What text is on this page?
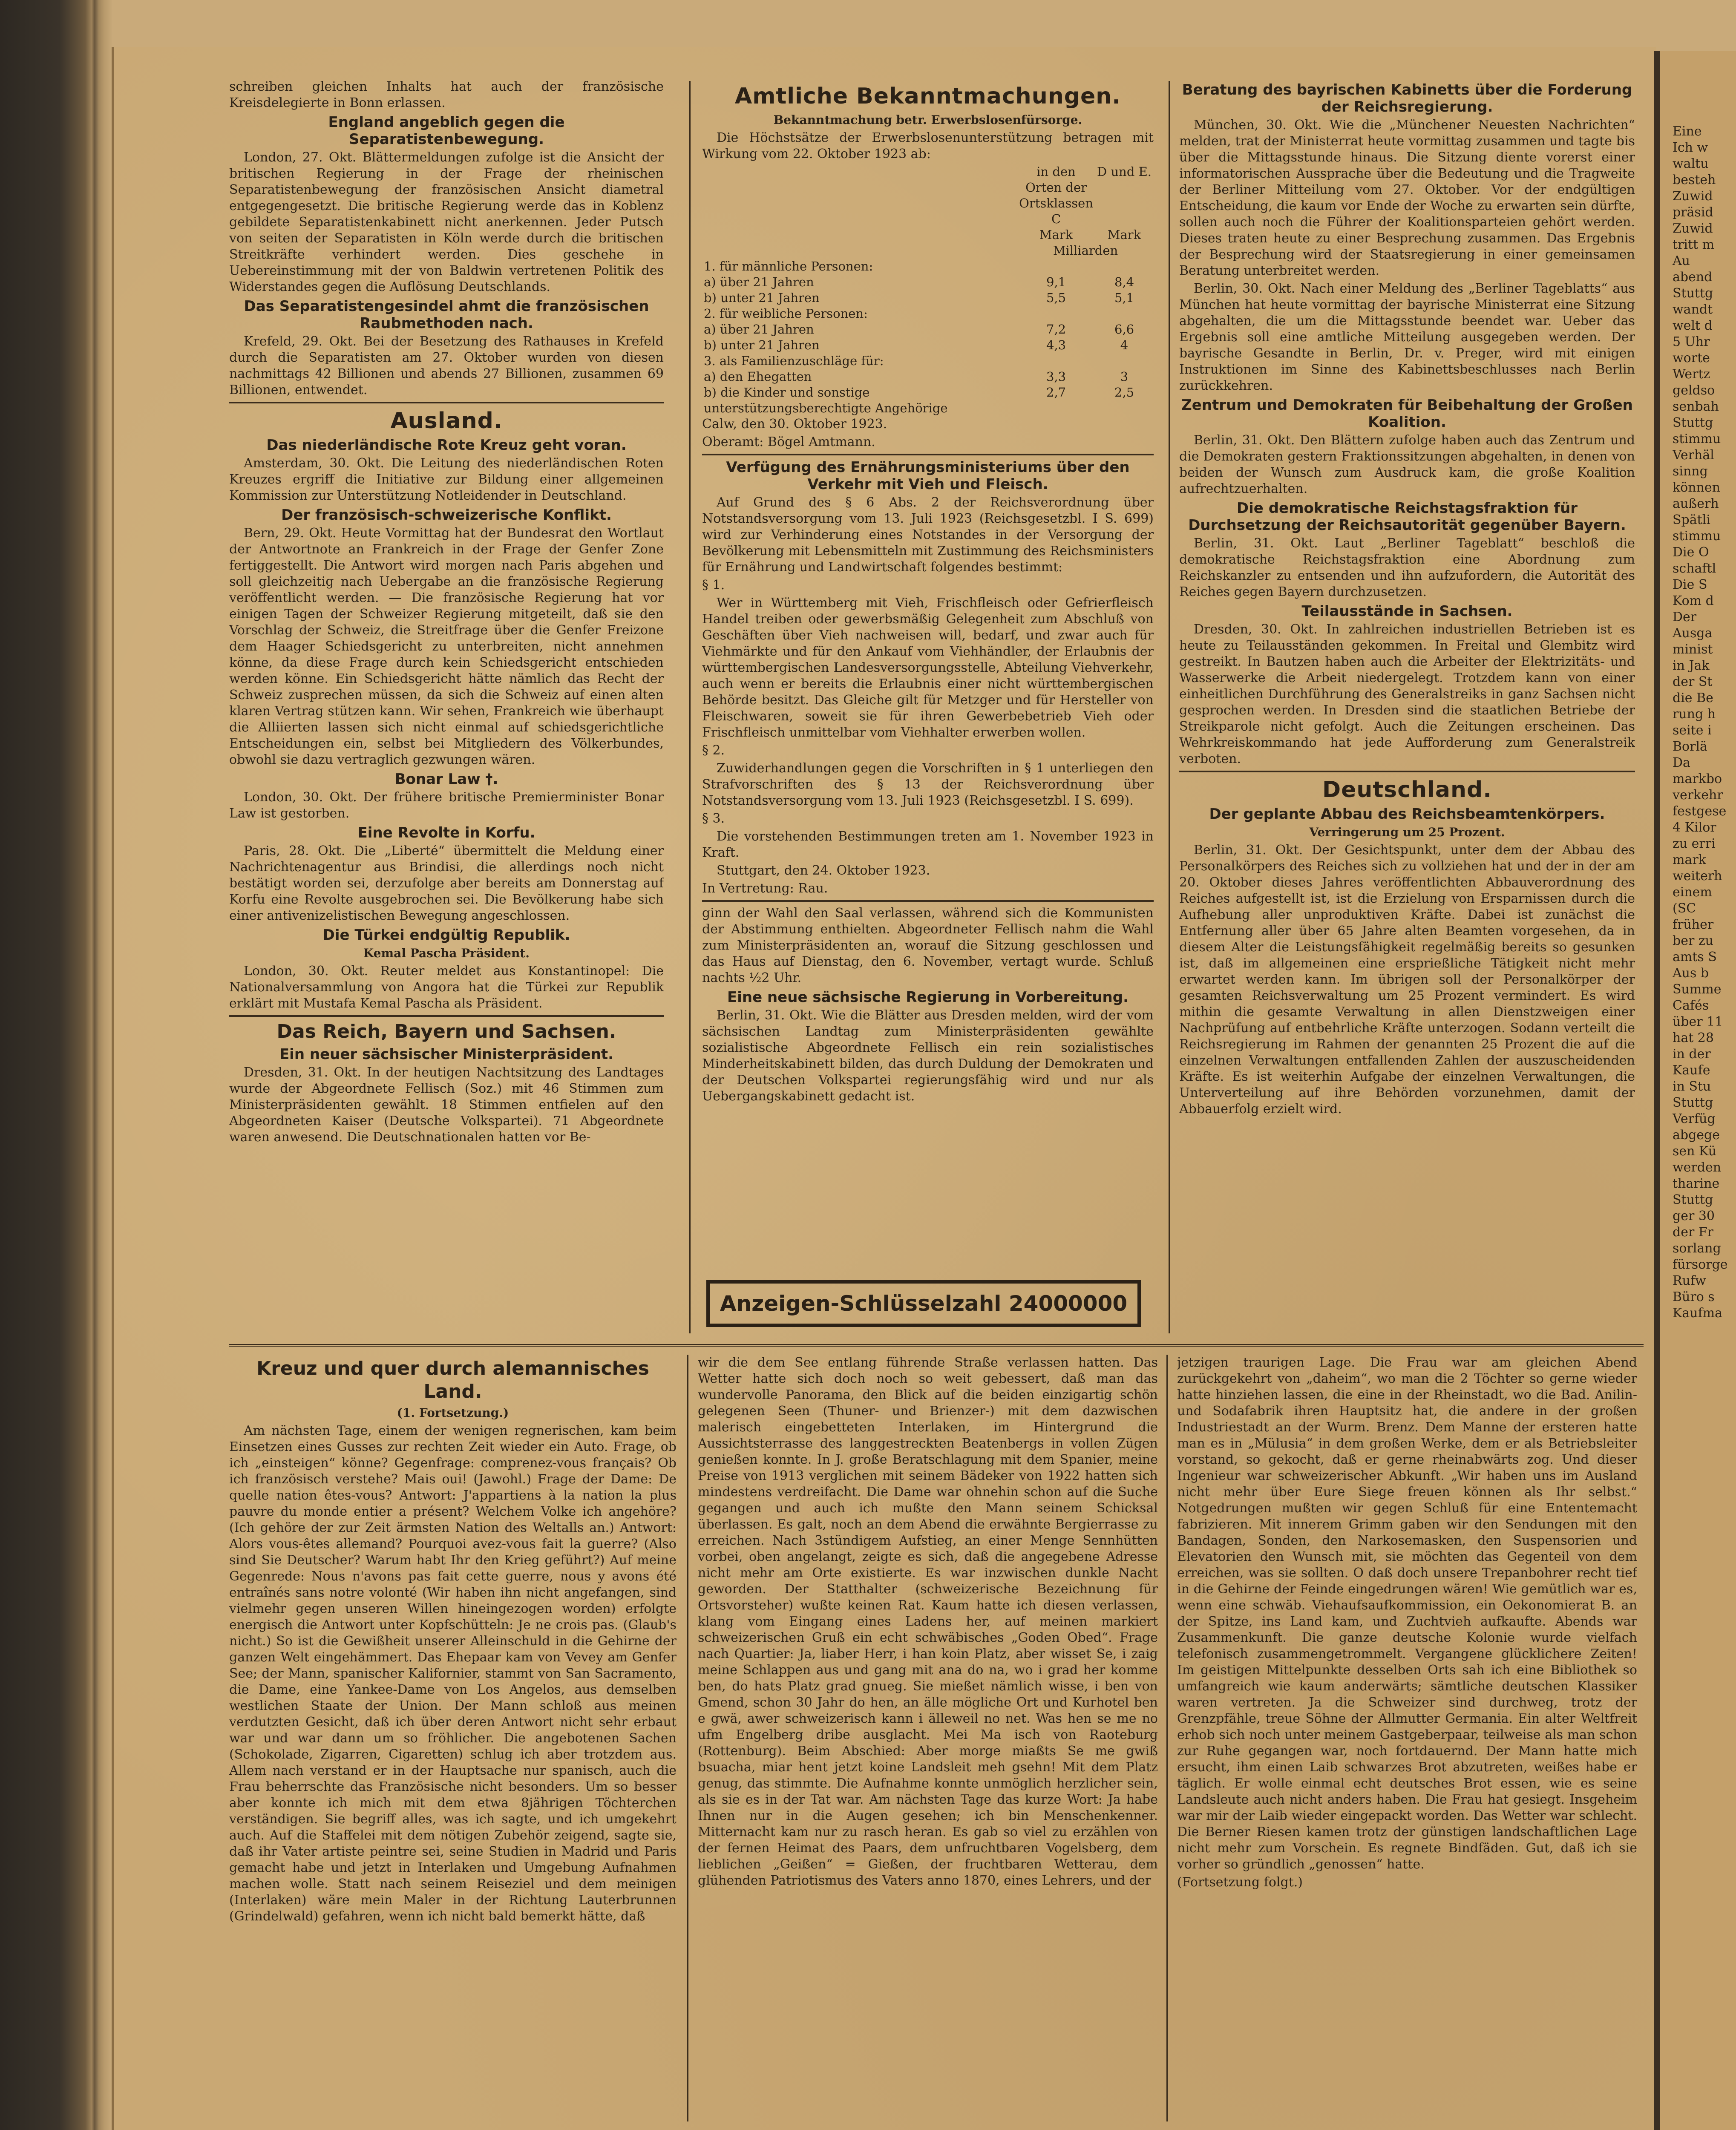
schreiben gleichen Inhalts hat auch der französische Kreisdelegierte in Bonn erlassen.

England angeblich gegen die Separatistenbewegung.

London, 27. Okt. Blättermeldungen zufolge ist die Ansicht der britischen Regierung in der Frage der rheinischen Separatistenbewegung der französischen Ansicht diametral entgegengesetzt. Die britische Regierung werde das in Koblenz gebildete Separatistenkabinett nicht anerkennen. Jeder Putsch von seiten der Separatisten in Köln werde durch die britischen Streitkräfte verhindert werden. Dies geschehe in Uebereinstimmung mit der von Baldwin vertretenen Politik des Widerstandes gegen die Auflösung Deutschlands.

Das Separatistengesindel ahmt die französischen Raubmethoden nach.

Krefeld, 29. Okt. Bei der Besetzung des Rathauses in Krefeld durch die Separatisten am 27. Oktober wurden von diesen nachmittags 42 Billionen und abends 27 Billionen, zusammen 69 Billionen, entwendet.

Ausland.
Das niederländische Rote Kreuz geht voran.

Amsterdam, 30. Okt. Die Leitung des niederländischen Roten Kreuzes ergriff die Initiative zur Bildung einer allgemeinen Kommission zur Unterstützung Notleidender in Deutschland.

Der französisch-schweizerische Konflikt.

Bern, 29. Okt. Heute Vormittag hat der Bundesrat den Wortlaut der Antwortnote an Frankreich in der Frage der Genfer Zone fertiggestellt. Die Antwort wird morgen nach Paris abgehen und soll gleichzeitig nach Uebergabe an die französische Regierung veröffentlicht werden. — Die französische Regierung hat vor einigen Tagen der Schweizer Regierung mitgeteilt, daß sie den Vorschlag der Schweiz, die Streitfrage über die Genfer Freizone dem Haager Schiedsgericht zu unterbreiten, nicht annehmen könne, da diese Frage durch kein Schiedsgericht entschieden werden könne. Ein Schiedsgericht hätte nämlich das Recht der Schweiz zusprechen müssen, da sich die Schweiz auf einen alten klaren Vertrag stützen kann. Wir sehen, Frankreich wie überhaupt die Alliierten lassen sich nicht einmal auf schiedsgerichtliche Entscheidungen ein, selbst bei Mitgliedern des Völkerbundes, obwohl sie dazu vertraglich gezwungen wären.

Bonar Law †.

London, 30. Okt. Der frühere britische Premierminister Bonar Law ist gestorben.

Eine Revolte in Korfu.

Paris, 28. Okt. Die „Liberté“ übermittelt die Meldung einer Nachrichtenagentur aus Brindisi, die allerdings noch nicht bestätigt worden sei, derzufolge aber bereits am Donnerstag auf Korfu eine Revolte ausgebrochen sei. Die Bevölkerung habe sich einer antivenizelistischen Bewegung angeschlossen.

Die Türkei endgültig Republik.
Kemal Pascha Präsident.

London, 30. Okt. Reuter meldet aus Konstantinopel: Die Nationalversammlung von Angora hat die Türkei zur Republik erklärt mit Mustafa Kemal Pascha als Präsident.

Das Reich, Bayern und Sachsen.
Ein neuer sächsischer Ministerpräsident.

Dresden, 31. Okt. In der heutigen Nachtsitzung des Landtages wurde der Abgeordnete Fellisch (Soz.) mit 46 Stimmen zum Ministerpräsidenten gewählt. 18 Stimmen entfielen auf den Abgeordneten Kaiser (Deutsche Volkspartei). 71 Abgeordnete waren anwesend. Die Deutschnationalen hatten vor Be-

Amtliche Bekanntmachungen.
Bekanntmachung betr. Erwerbslosenfürsorge.

Die Höchstsätze der Erwerbslosenunterstützung betragen mit Wirkung vom 22. Oktober 1923 ab:

	in den Orten der Ortsklassen C	D und E.
	Mark	Mark
	Milliarden	
1. für männliche Personen:		
a) über 21 Jahren	9,1	8,4
b) unter 21 Jahren	5,5	5,1
2. für weibliche Personen:		
a) über 21 Jahren	7,2	6,6
b) unter 21 Jahren	4,3	4
3. als Familienzuschläge für:		
a) den Ehegatten	3,3	3
b) die Kinder und sonstige unterstützungsberechtigte Angehörige	2,7	2,5

Calw, den 30. Oktober 1923.

Oberamt: Bögel Amtmann.

Verfügung des Ernährungsministeriums über den Verkehr mit Vieh und Fleisch.

Auf Grund des § 6 Abs. 2 der Reichsverordnung über Notstandsversorgung vom 13. Juli 1923 (Reichsgesetzbl. I S. 699) wird zur Verhinderung eines Notstandes in der Versorgung der Bevölkerung mit Lebensmitteln mit Zustimmung des Reichsministers für Ernährung und Landwirtschaft folgendes bestimmt:

§ 1.

Wer in Württemberg mit Vieh, Frischfleisch oder Gefrierfleisch Handel treiben oder gewerbsmäßig Gelegenheit zum Abschluß von Geschäften über Vieh nachweisen will, bedarf, und zwar auch für Viehmärkte und für den Ankauf vom Viehhändler, der Erlaubnis der württembergischen Landesversorgungsstelle, Abteilung Viehverkehr, auch wenn er bereits die Erlaubnis einer nicht württembergischen Behörde besitzt. Das Gleiche gilt für Metzger und für Hersteller von Fleischwaren, soweit sie für ihren Gewerbebetrieb Vieh oder Frischfleisch unmittelbar vom Viehhalter erwerben wollen.

§ 2.

Zuwiderhandlungen gegen die Vorschriften in § 1 unterliegen den Strafvorschriften des § 13 der Reichsverordnung über Notstandsversorgung vom 13. Juli 1923 (Reichsgesetzbl. I S. 699).

§ 3.

Die vorstehenden Bestimmungen treten am 1. November 1923 in Kraft.

Stuttgart, den 24. Oktober 1923.

In Vertretung: Rau.

ginn der Wahl den Saal verlassen, während sich die Kommunisten der Abstimmung enthielten. Abgeordneter Fellisch nahm die Wahl zum Ministerpräsidenten an, worauf die Sitzung geschlossen und das Haus auf Dienstag, den 6. November, vertagt wurde. Schluß nachts ½2 Uhr.

Eine neue sächsische Regierung in Vorbereitung.

Berlin, 31. Okt. Wie die Blätter aus Dresden melden, wird der vom sächsischen Landtag zum Ministerpräsidenten gewählte sozialistische Abgeordnete Fellisch ein rein sozialistisches Minderheitskabinett bilden, das durch Duldung der Demokraten und der Deutschen Volkspartei regierungsfähig wird und nur als Uebergangskabinett gedacht ist.

Beratung des bayrischen Kabinetts über die Forderung der Reichsregierung.

München, 30. Okt. Wie die „Münchener Neuesten Nachrichten“ melden, trat der Ministerrat heute vormittag zusammen und tagte bis über die Mittagsstunde hinaus. Die Sitzung diente vorerst einer informatorischen Aussprache über die Bedeutung und die Tragweite der Berliner Mitteilung vom 27. Oktober. Vor der endgültigen Entscheidung, die kaum vor Ende der Woche zu erwarten sein dürfte, sollen auch noch die Führer der Koalitionsparteien gehört werden. Dieses traten heute zu einer Besprechung zusammen. Das Ergebnis der Besprechung wird der Staatsregierung in einer gemeinsamen Beratung unterbreitet werden.

Berlin, 30. Okt. Nach einer Meldung des „Berliner Tageblatts“ aus München hat heute vormittag der bayrische Ministerrat eine Sitzung abgehalten, die um die Mittagsstunde beendet war. Ueber das Ergebnis soll eine amtliche Mitteilung ausgegeben werden. Der bayrische Gesandte in Berlin, Dr. v. Preger, wird mit einigen Instruktionen im Sinne des Kabinettsbeschlusses nach Berlin zurückkehren.

Zentrum und Demokraten für Beibehaltung der Großen Koalition.

Berlin, 31. Okt. Den Blättern zufolge haben auch das Zentrum und die Demokraten gestern Fraktionssitzungen abgehalten, in denen von beiden der Wunsch zum Ausdruck kam, die große Koalition aufrechtzuerhalten.

Die demokratische Reichstagsfraktion für Durchsetzung der Reichsautorität gegenüber Bayern.

Berlin, 31. Okt. Laut „Berliner Tageblatt“ beschloß die demokratische Reichstagsfraktion eine Abordnung zum Reichskanzler zu entsenden und ihn aufzufordern, die Autorität des Reiches gegen Bayern durchzusetzen.

Teilausstände in Sachsen.

Dresden, 30. Okt. In zahlreichen industriellen Betrieben ist es heute zu Teilausständen gekommen. In Freital und Glembitz wird gestreikt. In Bautzen haben auch die Arbeiter der Elektrizitäts- und Wasserwerke die Arbeit niedergelegt. Trotzdem kann von einer einheitlichen Durchführung des Generalstreiks in ganz Sachsen nicht gesprochen werden. In Dresden sind die staatlichen Betriebe der Streikparole nicht gefolgt. Auch die Zeitungen erscheinen. Das Wehrkreiskommando hat jede Aufforderung zum Generalstreik verboten.

Deutschland.
Der geplante Abbau des Reichsbeamtenkörpers.
Verringerung um 25 Prozent.

Berlin, 31. Okt. Der Gesichtspunkt, unter dem der Abbau des Personalkörpers des Reiches sich zu vollziehen hat und der in der am 20. Oktober dieses Jahres veröffentlichten Abbauverordnung des Reiches aufgestellt ist, ist die Erzielung von Ersparnissen durch die Aufhebung aller unproduktiven Kräfte. Dabei ist zunächst die Entfernung aller über 65 Jahre alten Beamten vorgesehen, da in diesem Alter die Leistungsfähigkeit regelmäßig bereits so gesunken ist, daß im allgemeinen eine ersprießliche Tätigkeit nicht mehr erwartet werden kann. Im übrigen soll der Personalkörper der gesamten Reichsverwaltung um 25 Prozent vermindert. Es wird mithin die gesamte Verwaltung in allen Dienstzweigen einer Nachprüfung auf entbehrliche Kräfte unterzogen. Sodann verteilt die Reichsregierung im Rahmen der genannten 25 Prozent die auf die einzelnen Verwaltungen entfallenden Zahlen der auszuscheidenden Kräfte. Es ist weiterhin Aufgabe der einzelnen Verwaltungen, die Unterverteilung auf ihre Behörden vorzunehmen, damit der Abbauerfolg erzielt wird.

Anzeigen-Schlüsselzahl 24000000
Kreuz und quer durch alemannisches Land.
(1. Fortsetzung.)

Am nächsten Tage, einem der wenigen regnerischen, kam beim Einsetzen eines Gusses zur rechten Zeit wieder ein Auto. Frage, ob ich „einsteigen“ könne? Gegenfrage: comprenez-vous français? Ob ich französisch verstehe? Mais oui! (Jawohl.) Frage der Dame: De quelle nation êtes-vous? Antwort: J'appartiens à la nation la plus pauvre du monde entier a présent? Welchem Volke ich angehöre? (Ich gehöre der zur Zeit ärmsten Nation des Weltalls an.) Antwort: Alors vous-êtes allemand? Pourquoi avez-vous fait la guerre? (Also sind Sie Deutscher? Warum habt Ihr den Krieg geführt?) Auf meine Gegenrede: Nous n'avons pas fait cette guerre, nous y avons été entraînés sans notre volonté (Wir haben ihn nicht angefangen, sind vielmehr gegen unseren Willen hineingezogen worden) erfolgte energisch die Antwort unter Kopfschütteln: Je ne crois pas. (Glaub's nicht.) So ist die Gewißheit unserer Alleinschuld in die Gehirne der ganzen Welt eingehämmert. Das Ehepaar kam von Vevey am Genfer See; der Mann, spanischer Kalifornier, stammt von San Sacramento, die Dame, eine Yankee-Dame von Los Angelos, aus demselben westlichen Staate der Union. Der Mann schloß aus meinen verdutzten Gesicht, daß ich über deren Antwort nicht sehr erbaut war und war dann um so fröhlicher. Die angebotenen Sachen (Schokolade, Zigarren, Cigaretten) schlug ich aber trotzdem aus. Allem nach verstand er in der Hauptsache nur spanisch, auch die Frau beherrschte das Französische nicht besonders. Um so besser aber konnte ich mich mit dem etwa 8jährigen Töchterchen verständigen. Sie begriff alles, was ich sagte, und ich umgekehrt auch. Auf die Staffelei mit dem nötigen Zubehör zeigend, sagte sie, daß ihr Vater artiste peintre sei, seine Studien in Madrid und Paris gemacht habe und jetzt in Interlaken und Umgebung Aufnahmen machen wolle. Statt nach seinem Reiseziel und dem meinigen (Interlaken) wäre mein Maler in der Richtung Lauterbrunnen (Grindelwald) gefahren, wenn ich nicht bald bemerkt hätte, daß

wir die dem See entlang führende Straße verlassen hatten. Das Wetter hatte sich doch noch so weit gebessert, daß man das wundervolle Panorama, den Blick auf die beiden einzigartig schön gelegenen Seen (Thuner- und Brienzer-) mit dem dazwischen malerisch eingebetteten Interlaken, im Hintergrund die Aussichtsterrasse des langgestreckten Beatenbergs in vollen Zügen genießen konnte. In J. große Beratschlagung mit dem Spanier, meine Preise von 1913 verglichen mit seinem Bädeker von 1922 hatten sich mindestens verdreifacht. Die Dame war ohnehin schon auf die Suche gegangen und auch ich mußte den Mann seinem Schicksal überlassen. Es galt, noch an dem Abend die erwähnte Bergierrasse zu erreichen. Nach 3stündigem Aufstieg, an einer Menge Sennhütten vorbei, oben angelangt, zeigte es sich, daß die angegebene Adresse nicht mehr am Orte existierte. Es war inzwischen dunkle Nacht geworden. Der Statthalter (schweizerische Bezeichnung für Ortsvorsteher) wußte keinen Rat. Kaum hatte ich diesen verlassen, klang vom Eingang eines Ladens her, auf meinen markiert schweizerischen Gruß ein echt schwäbisches „Goden Obed“. Frage nach Quartier: Ja, liaber Herr, i han koin Platz, aber wisset Se, i zaig meine Schlappen aus und gang mit ana do na, wo i grad her komme ben, do hats Platz grad gnueg. Sie mießet nämlich wisse, i ben von Gmend, schon 30 Jahr do hen, an älle mögliche Ort und Kurhotel ben e gwä, awer schweizerisch kann i älleweil no net. Was hen se me no ufm Engelberg dribe ausglacht. Mei Ma isch von Raoteburg (Rottenburg). Beim Abschied: Aber morge miaßts Se me gwiß bsuacha, miar hent jetzt koine Landsleit meh gsehn! Mit dem Platz genug, das stimmte. Die Aufnahme konnte unmöglich herzlicher sein, als sie es in der Tat war. Am nächsten Tage das kurze Wort: Ja habe Ihnen nur in die Augen gesehen; ich bin Menschenkenner. Mitternacht kam nur zu rasch heran. Es gab so viel zu erzählen von der fernen Heimat des Paars, dem unfruchtbaren Vogelsberg, dem lieblichen „Geißen“ = Gießen, der fruchtbaren Wetterau, dem glühenden Patriotismus des Vaters anno 1870, eines Lehrers, und der

jetzigen traurigen Lage. Die Frau war am gleichen Abend zurückgekehrt von „daheim“, wo man die 2 Töchter so gerne wieder hatte hinziehen lassen, die eine in der Rheinstadt, wo die Bad. Anilin- und Sodafabrik ihren Hauptsitz hat, die andere in der großen Industriestadt an der Wurm. Brenz. Dem Manne der ersteren hatte man es in „Mülusia“ in dem großen Werke, dem er als Betriebsleiter vorstand, so gekocht, daß er gerne rheinabwärts zog. Und dieser Ingenieur war schweizerischer Abkunft. „Wir haben uns im Ausland nicht mehr über Eure Siege freuen können als Ihr selbst.“ Notgedrungen mußten wir gegen Schluß für eine Ententemacht fabrizieren. Mit innerem Grimm gaben wir den Sendungen mit den Bandagen, Sonden, den Narkosemasken, den Suspensorien und Elevatorien den Wunsch mit, sie möchten das Gegenteil von dem erreichen, was sie sollten. O daß doch unsere Trepanbohrer recht tief in die Gehirne der Feinde eingedrungen wären! Wie gemütlich war es, wenn eine schwäb. Viehaufsaufkommission, ein Oekonomierat B. an der Spitze, ins Land kam, und Zuchtvieh aufkaufte. Abends war Zusammenkunft. Die ganze deutsche Kolonie wurde vielfach telefonisch zusammengetrommelt. Vergangene glücklichere Zeiten! Im geistigen Mittelpunkte desselben Orts sah ich eine Bibliothek so umfangreich wie kaum anderwärts; sämtliche deutschen Klassiker waren vertreten. Ja die Schweizer sind durchweg, trotz der Grenzpfähle, treue Söhne der Allmutter Germania. Ein alter Weltfreit erhob sich noch unter meinem Gastgeberpaar, teilweise als man schon zur Ruhe gegangen war, noch fortdauernd. Der Mann hatte mich ersucht, ihm einen Laib schwarzes Brot abzutreten, weißes habe er täglich. Er wolle einmal echt deutsches Brot essen, wie es seine Landsleute auch nicht anders haben. Die Frau hat gesiegt. Insgeheim war mir der Laib wieder eingepackt worden. Das Wetter war schlecht. Die Berner Riesen kamen trotz der günstigen landschaftlichen Lage nicht mehr zum Vorschein. Es regnete Bindfäden. Gut, daß ich sie vorher so gründlich „genossen“ hatte.

(Fortsetzung folgt.)

Eine
Ich w
waltu
besteh
Zuwid
präsid
Zuwid
tritt m
Au
abend
Stuttg
wandt
welt d
5 Uhr
worte
Wertz
geldso
senbah
Stuttg
stimmu
Verhäl
sinng
können
außerh
Spätli
stimmu
Die O
schaftl
Die S
Kom d
Der
Ausga
minist
in Jak
der St
die Be
rung h
seite i
Borlä
Da
markbo
verkehr
festgese
4 Kilor
zu erri
mark
weiterh
einem
(SC
früher
ber zu
amts S
Aus b
Summe
Cafés
über 11
hat 28
in der
Kaufe
in Stu
Stuttg
Verfüg
abgege
sen Kü
werden
tharine
Stuttg
ger 30
der Fr
sorlang
fürsorge
Rufw
Büro s
Kaufma
